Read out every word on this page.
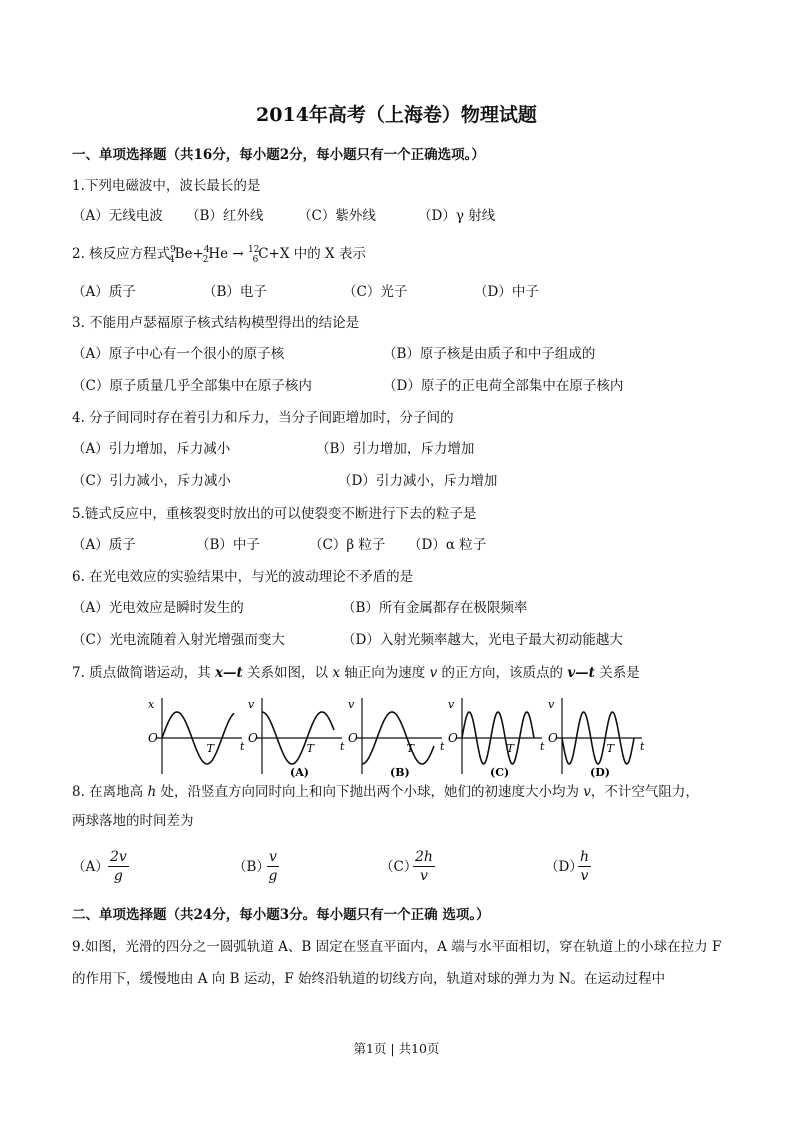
2014年高考（上海卷）物理试题
一、单项选择题（共16分，每小题2分，每小题只有一个正确选项。）
1.下列电磁波中，波长最长的是
（A）无线电波 （B）红外线	（C）紫外线	（D）γ 射线
2. 核反应方程式$^9_4$Be+$^4_2$He → $^{12}_6$C+X 中的 X 表示
（A）质子	（B）电子	（C）光子	（D）中子
3. 不能用卢瑟福原子核式结构模型得出的结论是
（A）原子中心有一个很小的原子核	（B）原子核是由质子和中子组成的
（C）原子质量几乎全部集中在原子核内	（D）原子的正电荷全部集中在原子核内
4. 分子间同时存在着引力和斥力，当分子间距增加时，分子间的
（A）引力增加，斥力减小	（B）引力增加，斥力增加
（C）引力减小，斥力减小	（D）引力减小，斥力增加
5.链式反应中，重核裂变时放出的可以使裂变不断进行下去的粒子是
（A）质子	（B）中子	（C）β 粒子 （D）α 粒子
6. 在光电效应的实验结果中，与光的波动理论不矛盾的是
（A）光电效应是瞬时发生的	（B）所有金属都存在极限频率
（C）光电流随着入射光增强而变大	（D）入射光频率越大，光电子最大初动能越大
7. 质点做简谐运动，其 x—t 关系如图，以 x 轴正向为速度 v 的正方向，该质点的 v—t 关系是
x
O
T t
v
O
T t
(A)
v
O
T t
(B)
v
O
T t
(C)
v
O
T t
(D)
8. 在离地高 h 处，沿竖直方向同时向上和向下抛出两个小球，她们的初速度大小均为 v，不计空气阻力，
两球落地的时间差为
$(A) \frac{2v}{g}$	（B）
$\frac{v}{g}$	（C）
$\frac{2h}{v}$	（D）
$\frac{h}{v}$
二、单项选择题（共24分，每小题3分。每小题只有一个正确 选项。）
9.如图，光滑的四分之一圆弧轨道 A、B 固定在竖直平面内，A 端与水平面相切，穿在轨道上的小球在拉力 F
的作用下，缓慢地由 A 向 B 运动，F 始终沿轨道的切线方向，轨道对球的弹力为 N。在运动过程中
第1页 | 共10页
